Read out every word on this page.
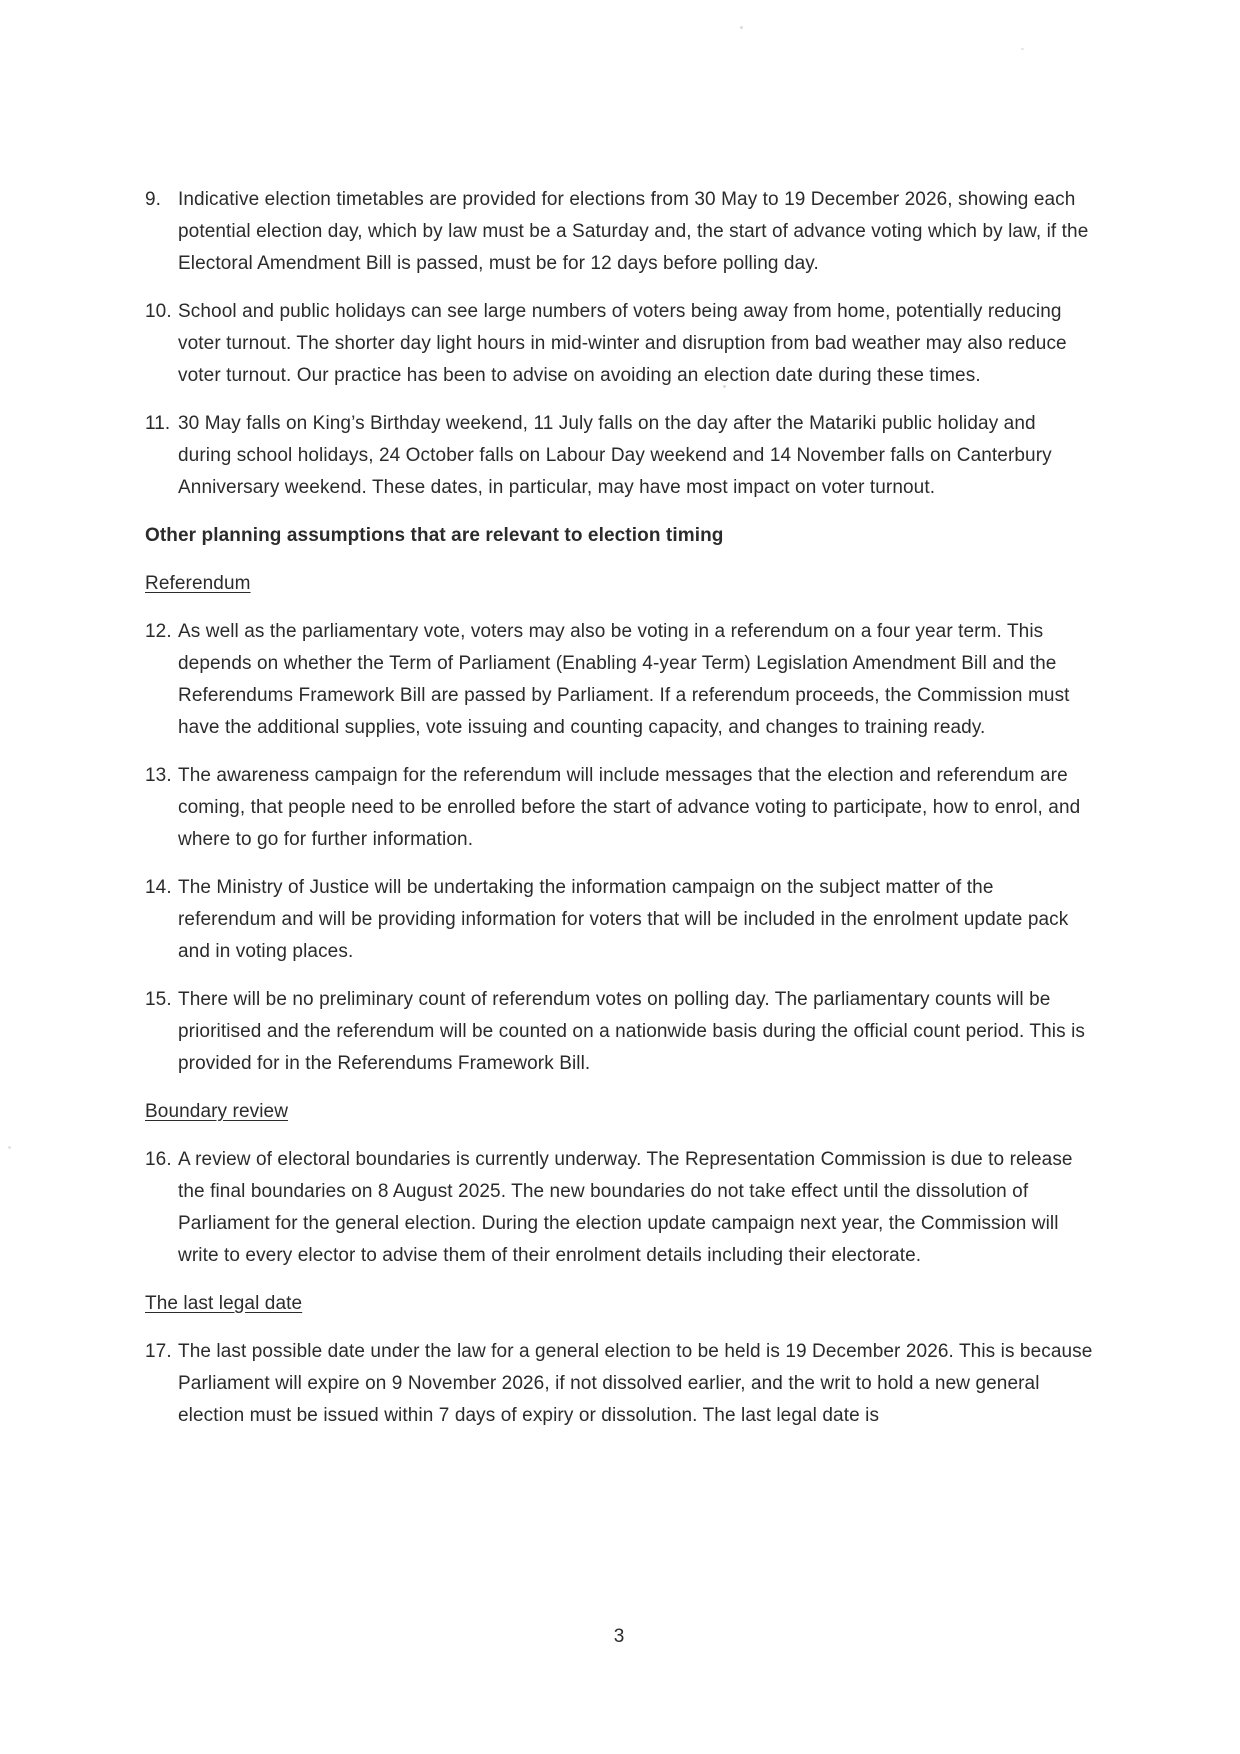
9. Indicative election timetables are provided for elections from 30 May to 19 December 2026, showing each potential election day, which by law must be a Saturday and, the start of advance voting which by law, if the Electoral Amendment Bill is passed, must be for 12 days before polling day.
10. School and public holidays can see large numbers of voters being away from home, potentially reducing voter turnout. The shorter day light hours in mid-winter and disruption from bad weather may also reduce voter turnout. Our practice has been to advise on avoiding an election date during these times.
11. 30 May falls on King’s Birthday weekend, 11 July falls on the day after the Matariki public holiday and during school holidays, 24 October falls on Labour Day weekend and 14 November falls on Canterbury Anniversary weekend. These dates, in particular, may have most impact on voter turnout.
Other planning assumptions that are relevant to election timing
Referendum
12. As well as the parliamentary vote, voters may also be voting in a referendum on a four year term. This depends on whether the Term of Parliament (Enabling 4-year Term) Legislation Amendment Bill and the Referendums Framework Bill are passed by Parliament. If a referendum proceeds, the Commission must have the additional supplies, vote issuing and counting capacity, and changes to training ready.
13. The awareness campaign for the referendum will include messages that the election and referendum are coming, that people need to be enrolled before the start of advance voting to participate, how to enrol, and where to go for further information.
14. The Ministry of Justice will be undertaking the information campaign on the subject matter of the referendum and will be providing information for voters that will be included in the enrolment update pack and in voting places.
15. There will be no preliminary count of referendum votes on polling day. The parliamentary counts will be prioritised and the referendum will be counted on a nationwide basis during the official count period. This is provided for in the Referendums Framework Bill.
Boundary review
16. A review of electoral boundaries is currently underway. The Representation Commission is due to release the final boundaries on 8 August 2025. The new boundaries do not take effect until the dissolution of Parliament for the general election. During the election update campaign next year, the Commission will write to every elector to advise them of their enrolment details including their electorate.
The last legal date
17. The last possible date under the law for a general election to be held is 19 December 2026. This is because Parliament will expire on 9 November 2026, if not dissolved earlier, and the writ to hold a new general election must be issued within 7 days of expiry or dissolution. The last legal date is
3
